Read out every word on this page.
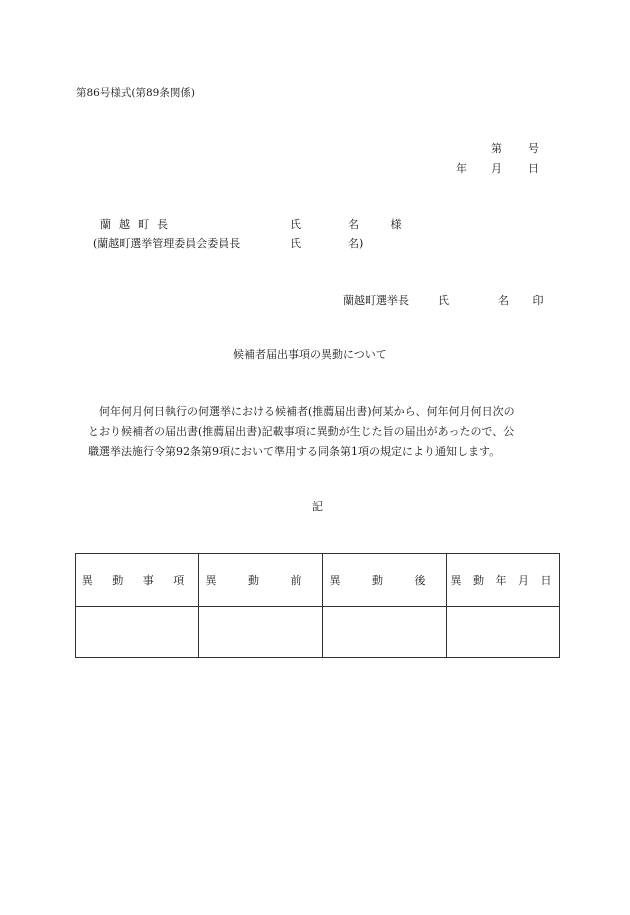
第86号様式(第89条関係)
第 号
年 月 日
蘭越町長	氏	名 様
(蘭越町選挙管理委員会委員長	氏	名)
蘭越町選挙長	氏	名 印
候補者届出事項の異動について

何年何月何日執行の何選挙における候補者(推薦届出書)何某から、何年何月何日次の

とおり候補者の届出書(推薦届出書)記載事項に異動が生じた旨の届出があったので、公

職選挙法施行令第92条第9項において準用する同条第1項の規定により通知します。

記
異 動 事 項	異 動 前	異 動 後	異 動 年 月 日
